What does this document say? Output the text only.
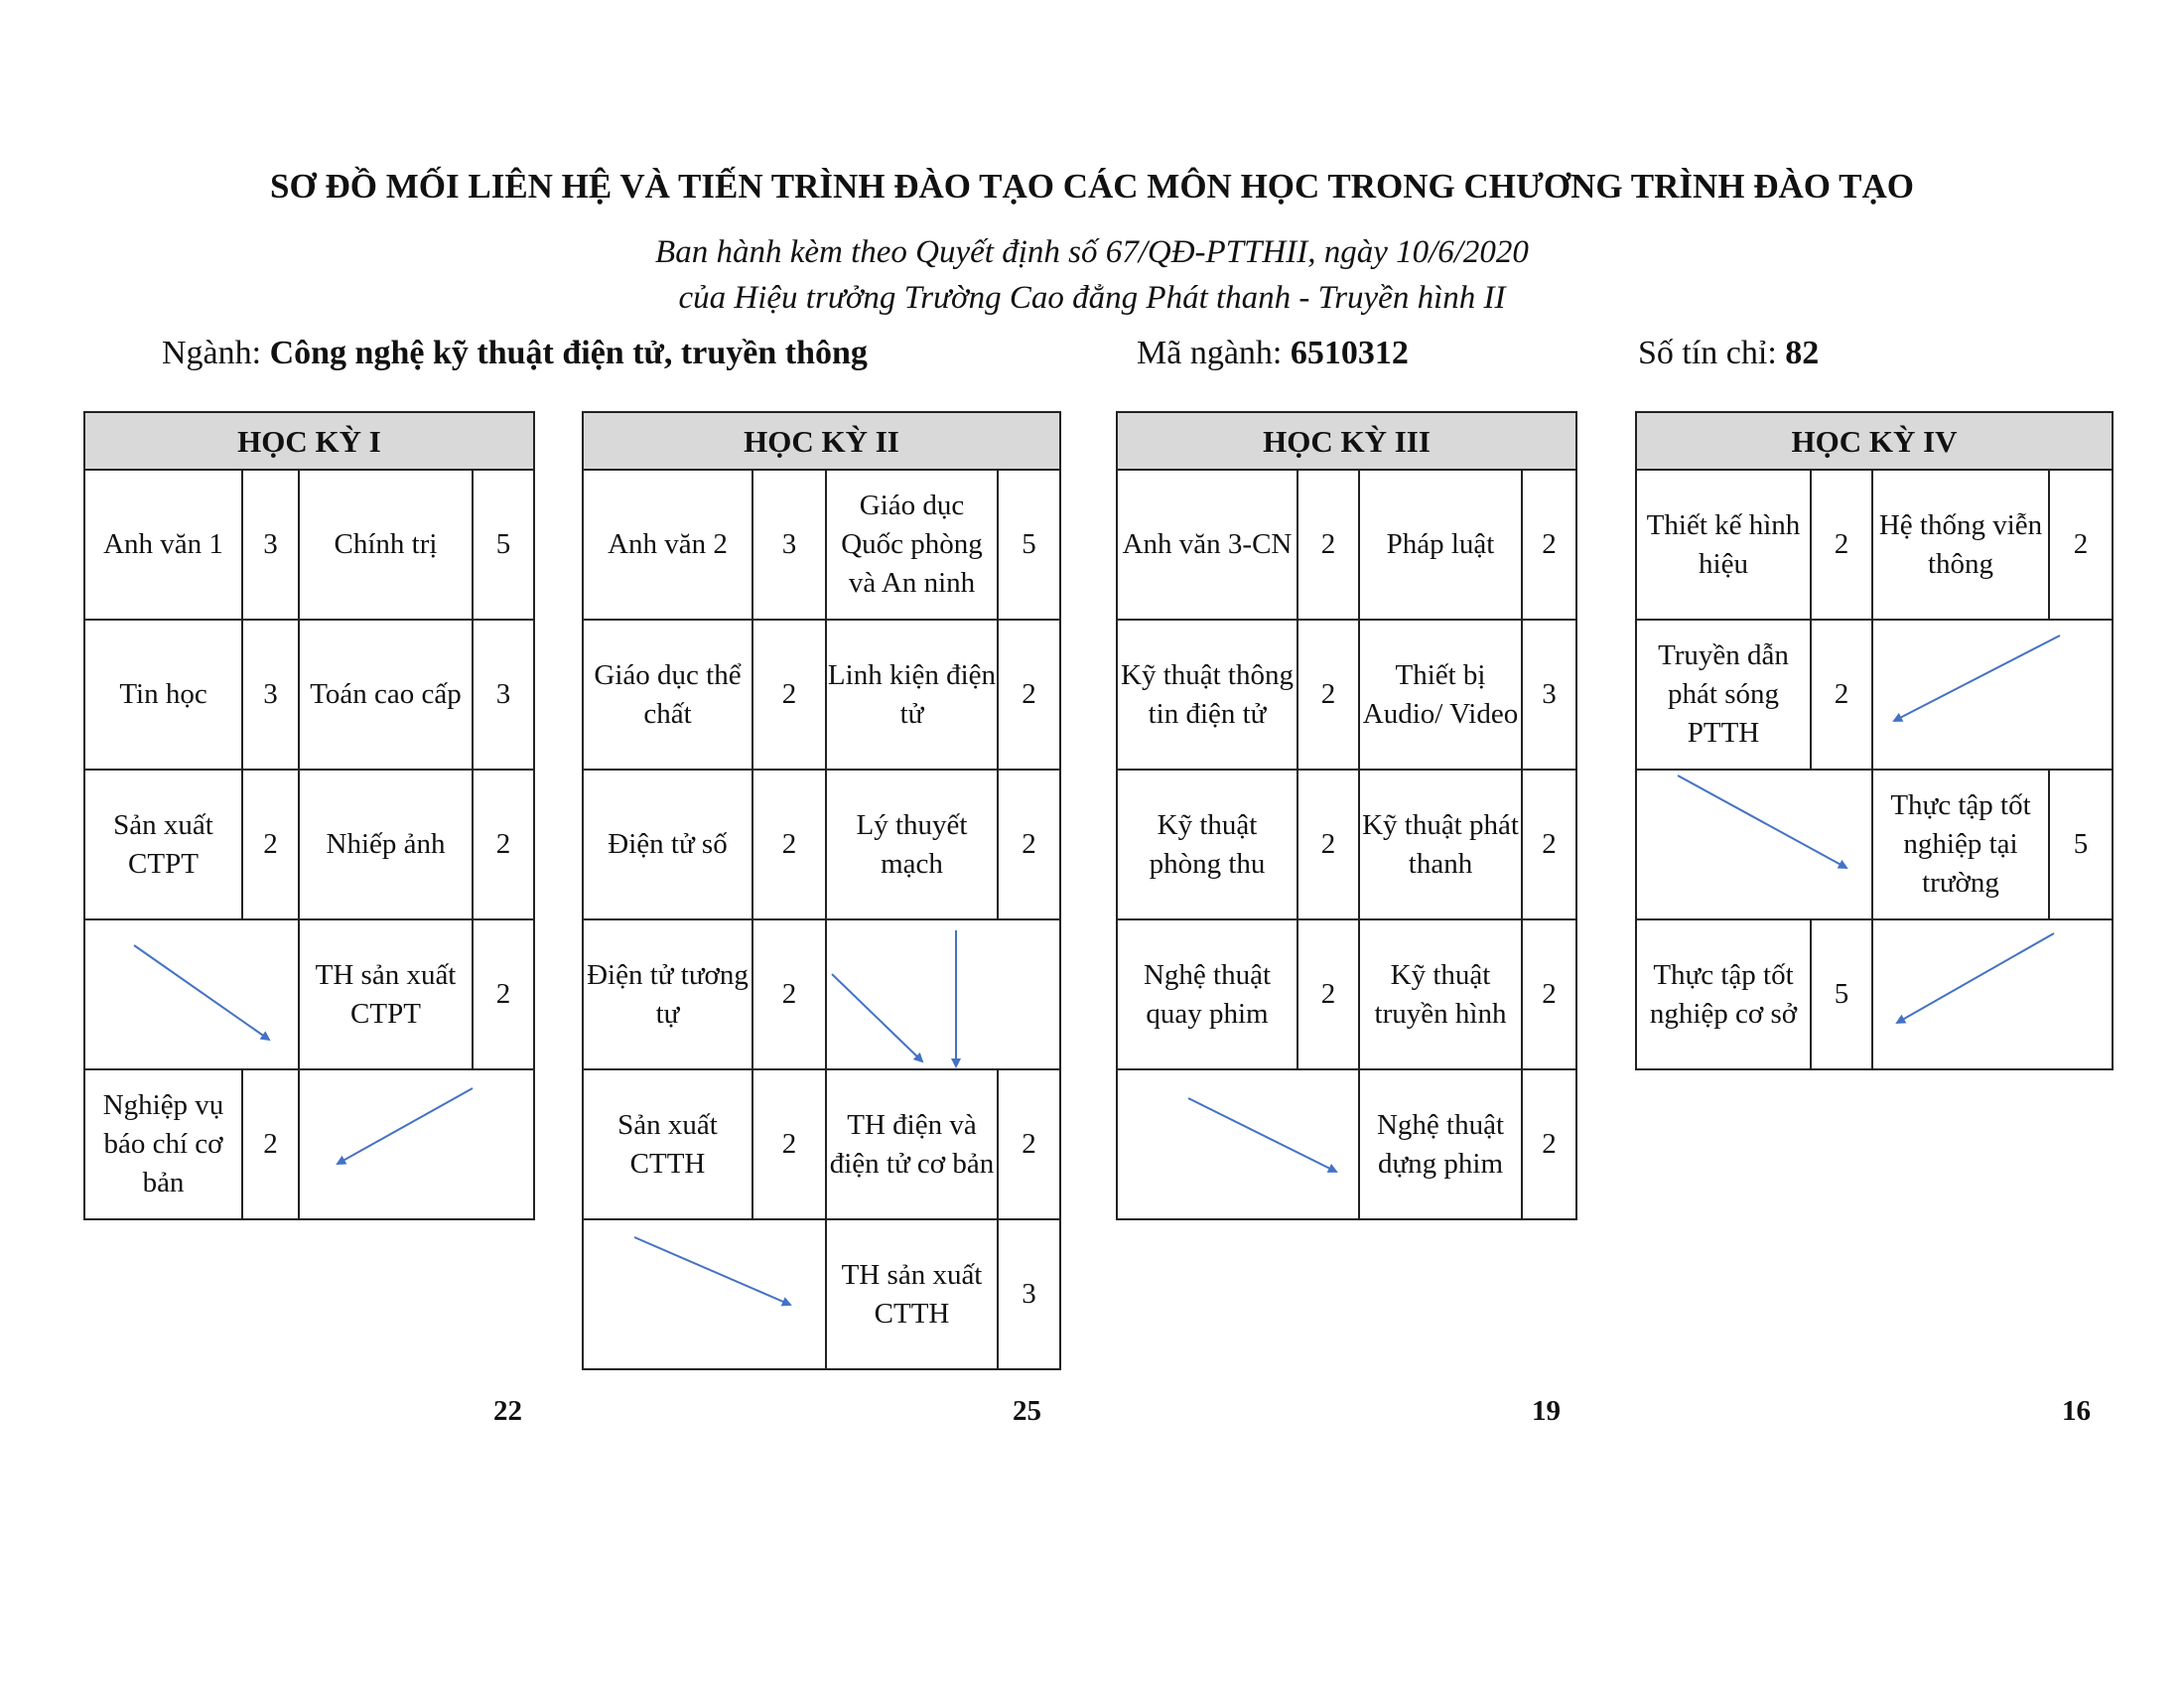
SƠ ĐỒ MỐI LIÊN HỆ VÀ TIẾN TRÌNH ĐÀO TẠO CÁC MÔN HỌC TRONG CHƯƠNG TRÌNH ĐÀO TẠO
Ban hành kèm theo Quyết định số 67/QĐ-PTTHII, ngày 10/6/2020
của Hiệu trưởng Trường Cao đẳng Phát thanh - Truyền hình II
Ngành: Công nghệ kỹ thuật điện tử, truyền thông	Mã ngành: 6510312	Số tín chỉ: 82
HỌC KỲ I			
Anh văn 1	3	Chính trị	5
Tin học	3	Toán cao cấp	3
Sản xuất CTPT	2	Nhiếp ảnh	2
		TH sản xuất CTPT	2
Nghiệp vụ báo chí cơ bản	2		
HỌC KỲ II			
Anh văn 2	3	Giáo dục Quốc phòng và An ninh	5
Giáo dục thể chất	2	Linh kiện điện tử	2
Điện tử số	2	Lý thuyết mạch	2
Điện tử tương tự	2		
Sản xuất CTTH	2	TH điện và điện tử cơ bản	2
		TH sản xuất CTTH	3
HỌC KỲ III			
Anh văn 3-CN	2	Pháp luật	2
Kỹ thuật thông tin điện tử	2	Thiết bị Audio/ Video	3
Kỹ thuật phòng thu	2	Kỹ thuật phát thanh	2
Nghệ thuật quay phim	2	Kỹ thuật truyền hình	2
		Nghệ thuật dựng phim	2
HỌC KỲ IV			
Thiết kế hình hiệu	2	Hệ thống viễn thông	2
Truyền dẫn phát sóng PTTH	2		
		Thực tập tốt nghiệp tại trường	5
Thực tập tốt nghiệp cơ sở	5		
22	25	19	16
